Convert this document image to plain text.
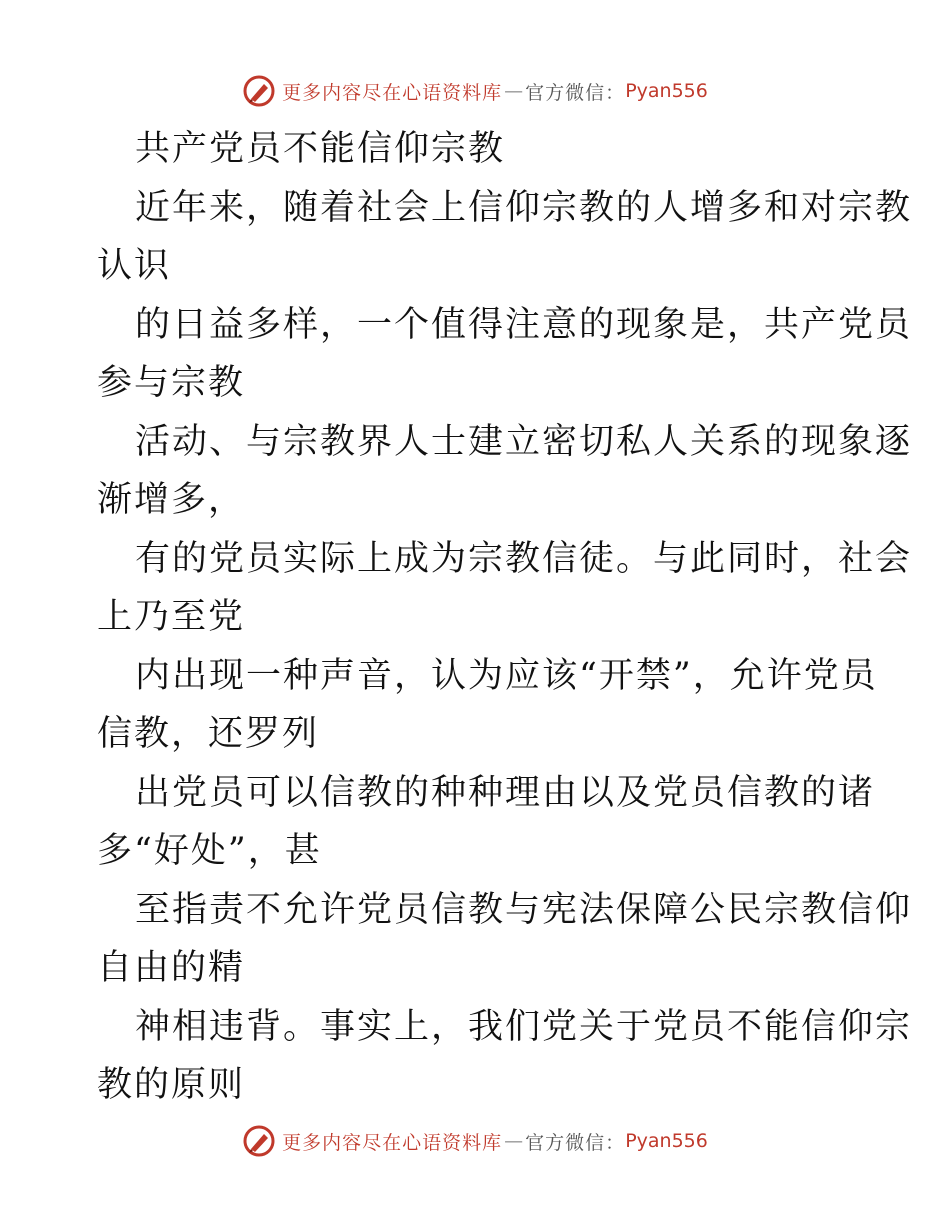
更多内容尽在心语资料库 — 官方微信： Pyan556
共产党员不能信仰宗教
近年来，随着社会上信仰宗教的人增多和对宗教
认识
的日益多样，一个值得注意的现象是，共产党员
参与宗教
活动、与宗教界人士建立密切私人关系的现象逐
渐增多，
有的党员实际上成为宗教信徒。与此同时，社会
上乃至党
内出现一种声音，认为应该“开禁”，允许党员
信教，还罗列
出党员可以信教的种种理由以及党员信教的诸
多“好处”，甚
至指责不允许党员信教与宪法保障公民宗教信仰
自由的精
神相违背。事实上，我们党关于党员不能信仰宗
教的原则
更多内容尽在心语资料库 — 官方微信： Pyan556
